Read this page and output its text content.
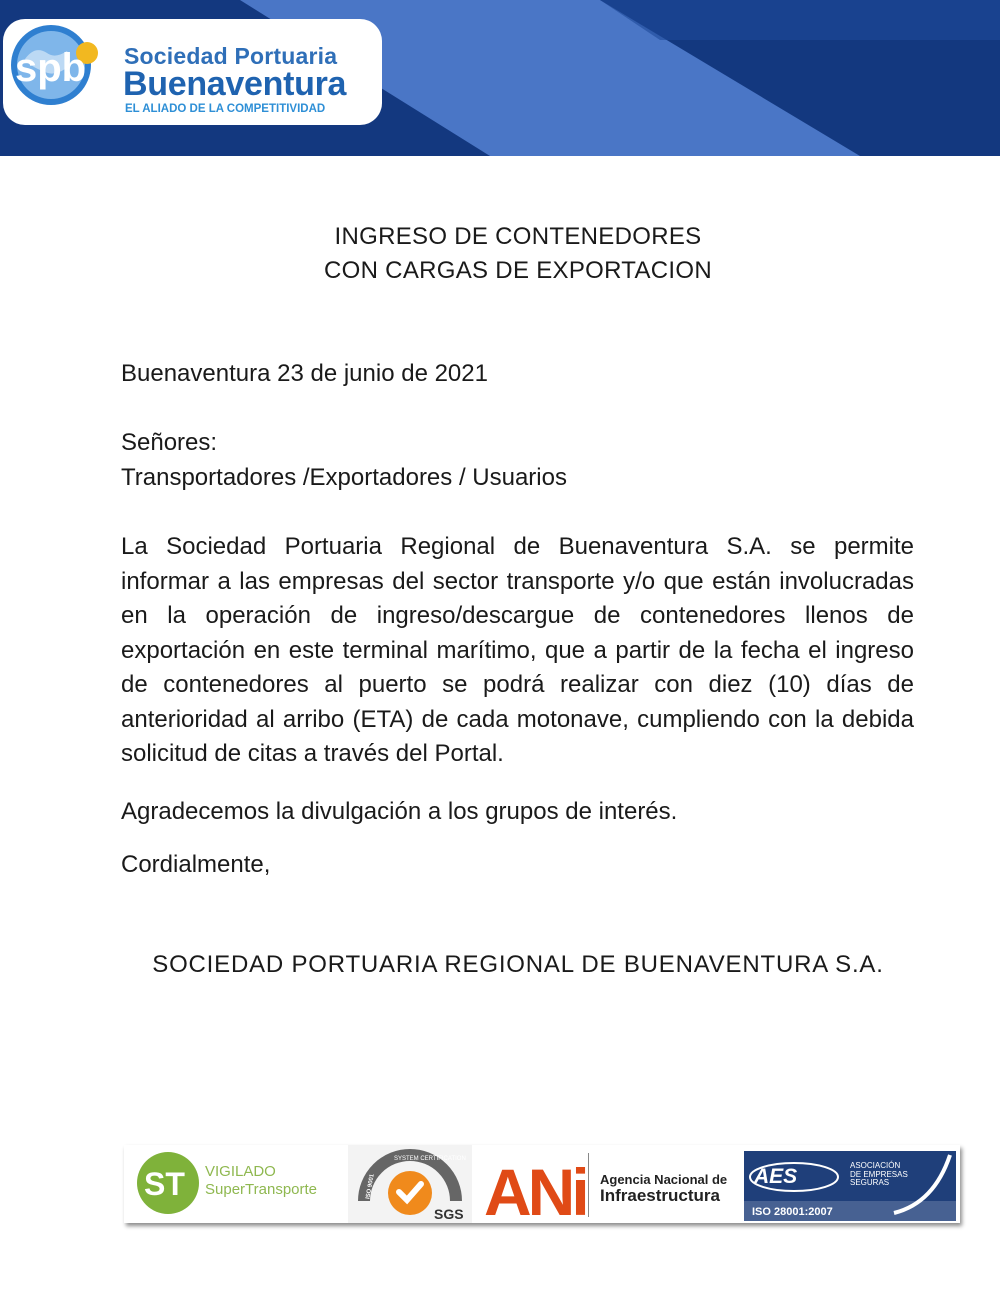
spb Sociedad Portuaria
Buenaventura
EL ALIADO DE LA COMPETITIVIDAD
INGRESO DE CONTENEDORES
CON CARGAS DE EXPORTACION
Buenaventura 23 de junio de 2021
Señores:
Transportadores /Exportadores / Usuarios
La Sociedad Portuaria Regional de Buenaventura S.A. se permite informar a las empresas del sector transporte y/o que están involucradas en la operación de ingreso/descargue de contenedores llenos de exportación en este terminal marítimo, que a partir de la fecha el ingreso de contenedores al puerto se podrá realizar con diez (10) días de anterioridad al arribo (ETA) de cada motonave, cumpliendo con la debida solicitud de citas a través del Portal.
Agradecemos la divulgación a los grupos de interés.
Cordialmente,
SOCIEDAD PORTUARIA REGIONAL DE BUENAVENTURA S.A.
ST VIGILADO
SuperTransporte
SYSTEM CERTIFICATION
ISO 9001
SGS ANi Agencia Nacional de
Infraestructura
AES	ASOCIACIÓN
DE EMPRESAS
SEGURAS
ISO 28001:2007
